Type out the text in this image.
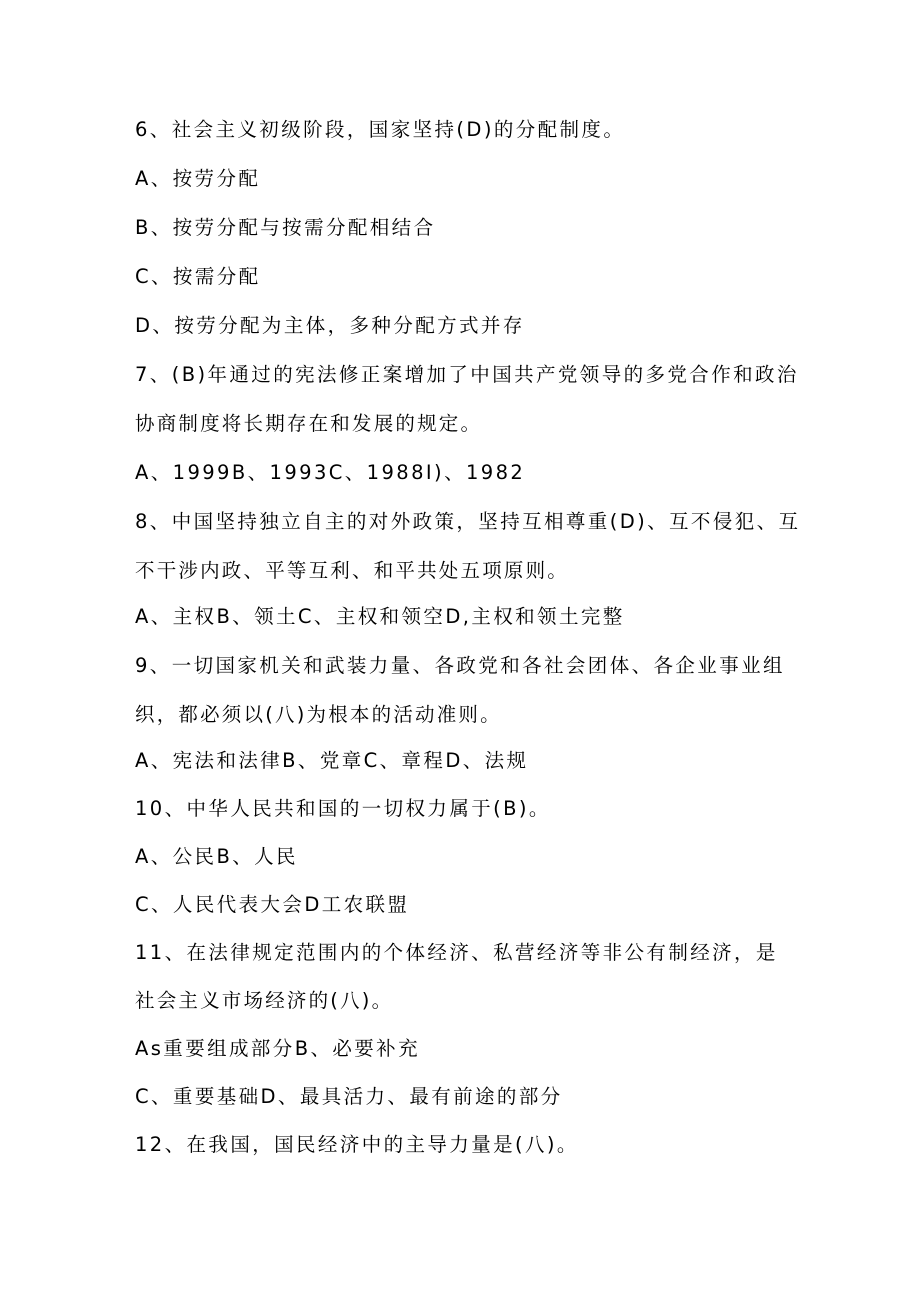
6、社会主义初级阶段，国家坚持(D)的分配制度。
A、按劳分配
B、按劳分配与按需分配相结合
C、按需分配
D、按劳分配为主体，多种分配方式并存
7、(B)年通过的宪法修正案增加了中国共产党领导的多党合作和政治
协商制度将长期存在和发展的规定。
A、1999B、1993C、1988I)、1982
8、中国坚持独立自主的对外政策，坚持互相尊重(D)、互不侵犯、互
不干涉内政、平等互利、和平共处五项原则。
A、主权B、领土C、主权和领空D,主权和领土完整
9、一切国家机关和武装力量、各政党和各社会团体、各企业事业组
织，都必须以(八)为根本的活动准则。
A、宪法和法律B、党章C、章程D、法规
10、中华人民共和国的一切权力属于(B)。
A、公民B、人民
C、人民代表大会D工农联盟
11、在法律规定范围内的个体经济、私营经济等非公有制经济，是
社会主义市场经济的(八)。
As重要组成部分B、必要补充
C、重要基础D、最具活力、最有前途的部分
12、在我国，国民经济中的主导力量是(八)。
